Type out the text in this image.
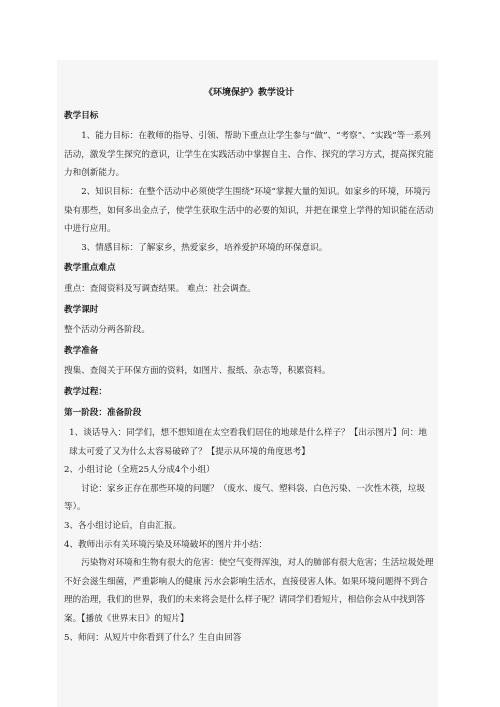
《环境保护》教学设计

教学目标

1、能力目标：在教师的指导、引领、帮助下重点让学生参与“做”、“考察”、“实践”等一系列活动，激发学生探究的意识，让学生在实践活动中掌握自主、合作、探究的学习方式，提高探究能力和创新能力。

2、知识目标：在整个活动中必须使学生围绕“环境”掌握大量的知识。如家乡的环境，环境污染有那些，如何多出金点子，使学生获取生活中的必要的知识，并把在课堂上学得的知识能在活动中进行应用。

3、情感目标：了解家乡，热爱家乡，培养爱护环境的环保意识。

教学重点难点

重点：查阅资料及写调查结果。 难点：社会调查。

教学课时

整个活动分两各阶段。

教学准备

搜集、查阅关于环保方面的资料，如图片、报纸、杂志等，积累资料。

教学过程：

第一阶段：准备阶段

1、谈话导入：同学们，想不想知道在太空看我们居住的地球是什么样子？【出示图片】问：地球太可爱了又为什么太容易破碎了？【提示从环境的角度思考】

2、小组讨论（全班25人分成4个小组）

讨论：家乡正存在那些环境的问题？（废水、废气、塑料袋、白色污染、一次性木筷，垃圾等）。

3、各小组讨论后，自由汇报。

4、教师出示有关环境污染及环境破坏的图片并小结：

污染物对环境和生物有很大的危害：使空气变得浑浊，对人的肺部有很大危害；生活垃圾处理不好会滋生细菌，严重影响人的健康 污水会影响生活水，直接侵害人体。如果环境问题得不到合理的治理，我们的世界，我们的未来将会是什么样子呢？请同学们看短片，相信你会从中找到答案。【播放《世界末日》的短片】

5、师问：从短片中你看到了什么？生自由回答
